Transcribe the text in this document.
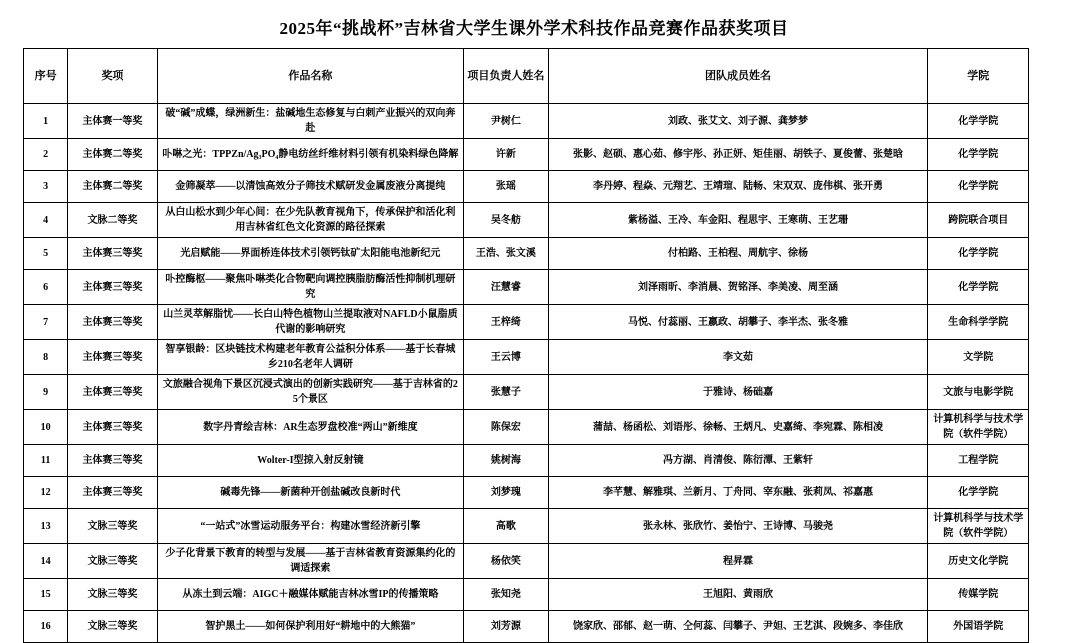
2025年“挑战杯”吉林省大学生课外学术科技作品竞赛作品获奖项目
序号	奖项	作品名称	项目负责人姓名	团队成员姓名	学院
1	主体赛一等奖	破“碱”成蝶，绿洲新生：盐碱地生态修复与白刺产业振兴的双向奔赴	尹树仁	刘政、张艾文、刘子源、龚梦梦	化学学院
2	主体赛二等奖	卟啉之光：TPPZn/Ag₃PO₄静电纺丝纤维材料引领有机染料绿色降解	许新	张影、赵硕、惠心茹、修宇彤、孙正妍、矩佳丽、胡铁子、夏俊蕾、张楚晗	化学学院
3	主体赛二等奖	金筛凝萃——以清蚀高效分子筛技术赋研发金属废液分离提纯	张瑶	李丹婷、程焱、元翔艺、王靖瑄、陆畅、宋双双、庞伟棋、张开勇	化学学院
4	文脉二等奖	从白山松水到少年心间：在少先队教育视角下，传承保护和活化利用吉林省红色文化资源的路径探索	吴冬舫	紫杨溢、王冷、车金阳、程思宇、王寒萌、王艺珊	跨院联合项目
5	主体赛三等奖	光启赋能——界面桥连体技术引领钙钛矿太阳能电池新纪元	王浩、张文溪	付柏路、王柏程、周航宇、徐杨	化学学院
6	主体赛三等奖	卟控酶枢——聚焦卟啉类化合物靶向调控胰脂肪酶活性抑制机理研究	汪慧睿	刘泽雨昕、李消晨、贺铭泽、李美凌、周至涵	化学学院
7	主体赛三等奖	山兰灵萃解脂忧——长白山特色植物山兰提取液对NAFLD小鼠脂质代谢的影响研究	王梓绮	马悦、付蕊丽、王嬴政、胡攀子、李半杰、张冬雅	生命科学学院
8	主体赛三等奖	智享银龄：区块链技术构建老年教育公益积分体系——基于长春城乡210名老年人调研	王云博	李文茹	文学院
9	主体赛三等奖	文旅融合视角下景区沉浸式演出的创新实践研究——基于吉林省的25个景区	张慧子	于雅诗、杨础嘉	文旅与电影学院
10	主体赛三等奖	数字丹青绘吉林：AR生态罗盘校准“两山”新维度	陈保宏	蒲喆、杨函松、刘语彤、徐畅、王炳凡、史嘉绮、李宛霖、陈相凌	计算机科学与技术学院（软件学院）
11	主体赛三等奖	Wolter-I型掠入射反射镜	姚树海	冯方湖、肖清俊、陈衍潭、王紫轩	工程学院
12	主体赛三等奖	碱毒先锋——新菌种开创盐碱改良新时代	刘梦瑰	李芊慧、解雅琪、兰新月、丁舟同、宰东融、张莉凤、祁嘉惠	化学学院
13	文脉三等奖	“一站式”冰雪运动服务平台：构建冰雪经济新引擎	高歌	张永林、张欣竹、姜怡宁、王诗博、马骏尧	计算机科学与技术学院（软件学院）
14	文脉三等奖	少子化背景下教育的转型与发展——基于吉林省教育资源集约化的调适探索	杨依笑	程昇霖	历史文化学院
15	文脉三等奖	从冻土到云端：AIGC＋融媒体赋能吉林冰雪IP的传播策略	张知尧	王旭阳、黄雨欣	传媒学院
16	文脉三等奖	智护黑土——如何保护利用好“耕地中的大熊猫”	刘芳源	饶家欣、邵郁、赵一萌、仝何蕊、闫攀子、尹妲、王艺淇、段婉多、李佳欣	外国语学院
